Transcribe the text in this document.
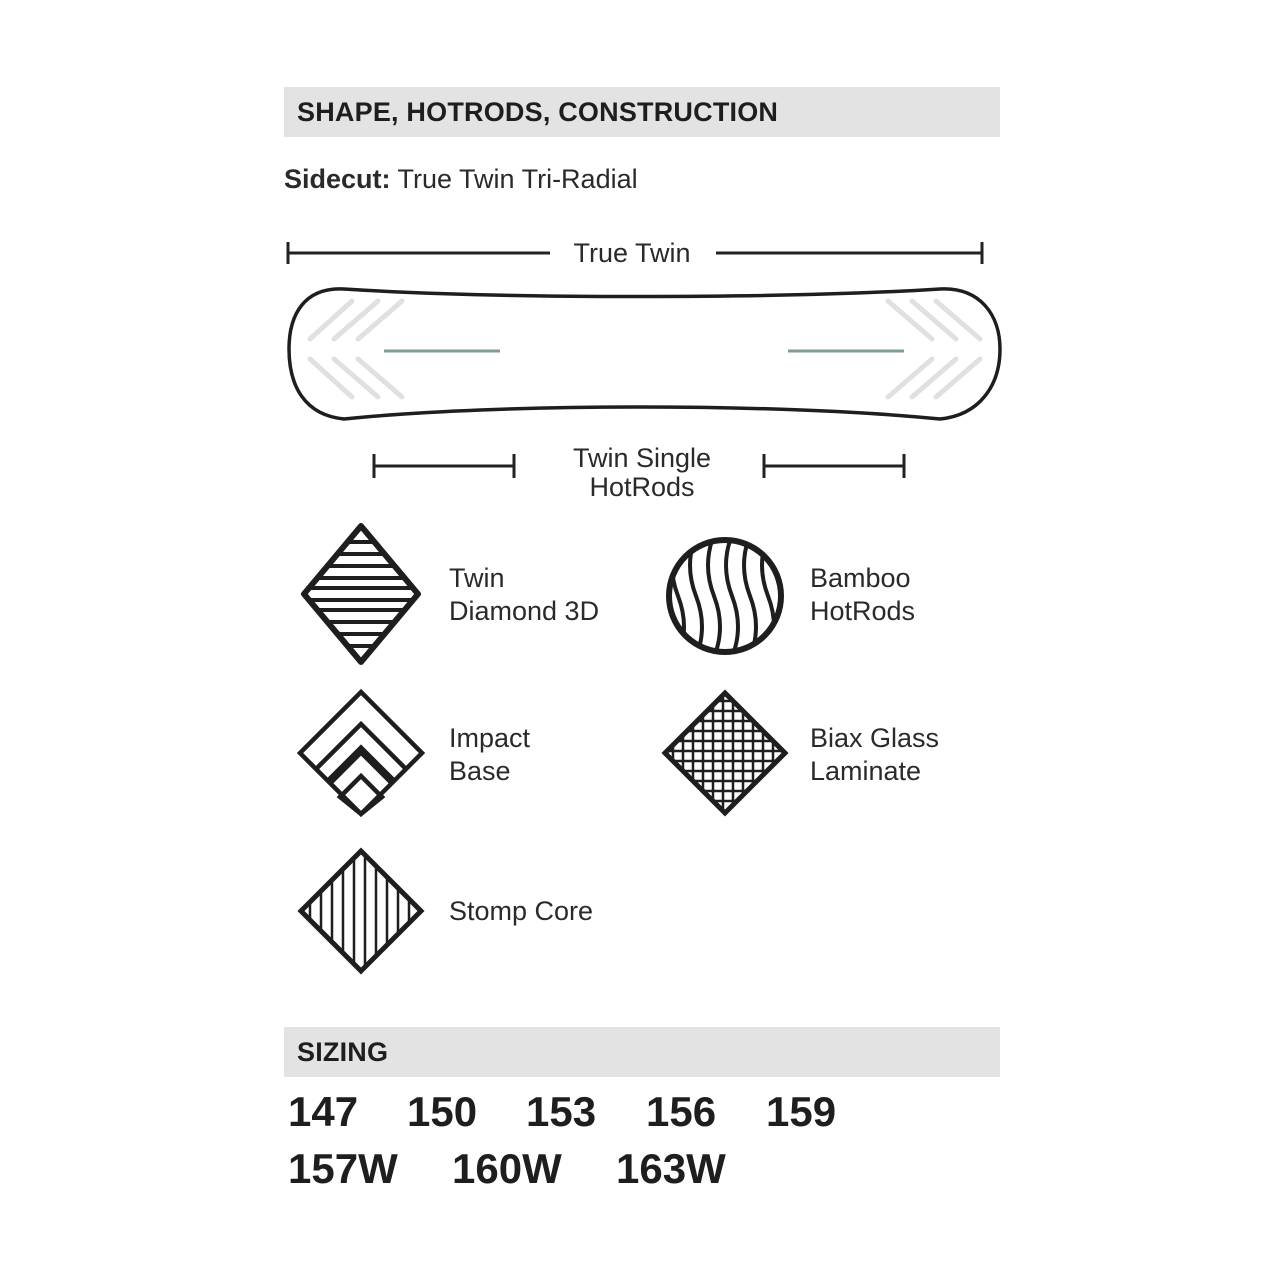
SHAPE, HOTRODS, CONSTRUCTION
Sidecut: True Twin Tri-Radial
True Twin
Twin Single
HotRods
Twin
Diamond 3D
Bamboo
HotRods
Impact
Base
Biax Glass
Laminate
Stomp Core
SIZING
147 150 153 156 159
157W 160W 163W
